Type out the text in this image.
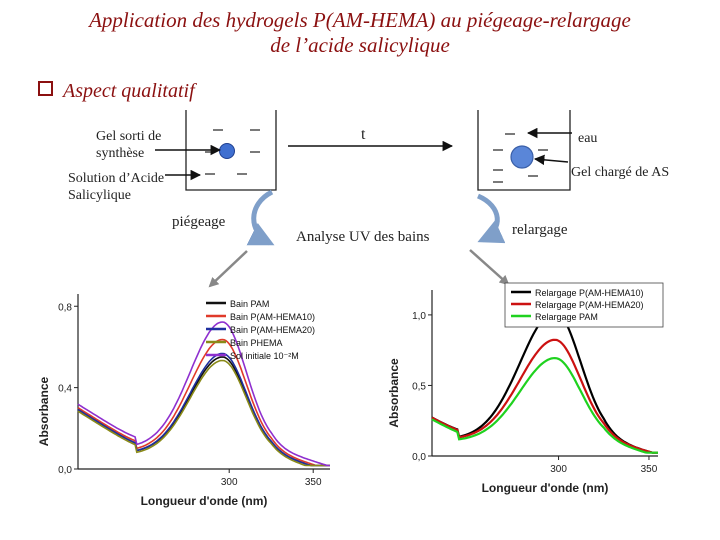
Application des hydrogels P(AM-HEMA) au piégeage-relargage
de l’acide salicylique
Aspect qualitatif
Gel sorti de
synthèse
Solution d’Acide
Salicylique
t	eau
Gel chargé de AS
piégeage
Analyse UV des bains	relargage
0,0
0,4
0,8
300	350
Longueur d'onde (nm)
Absorbance
Bain PAM
Bain P(AM-HEMA10)
Bain P(AM-HEMA20)
Bain PHEMA
Sol initiale 10⁻²M
0,0
0,5
1,0
300	350
Longueur d'onde (nm)
Absorbance
Relargage P(AM-HEMA10)
Relargage P(AM-HEMA20)
Relargage PAM
